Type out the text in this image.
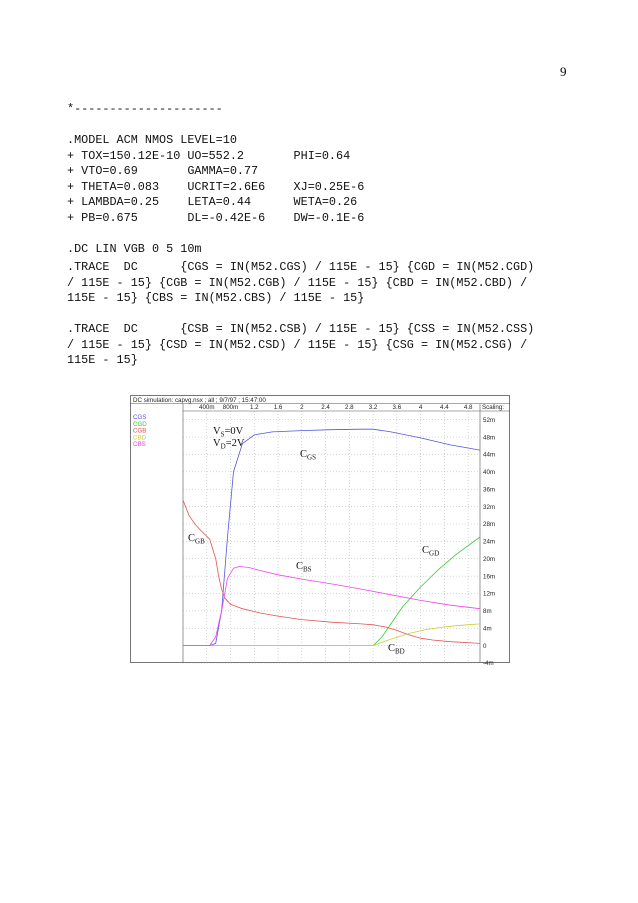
9
*---------------------

.MODEL ACM NMOS LEVEL=10
+ TOX=150.12E-10 UO=552.2       PHI=0.64
+ VTO=0.69       GAMMA=0.77
+ THETA=0.083    UCRIT=2.6E6    XJ=0.25E-6
+ LAMBDA=0.25    LETA=0.44      WETA=0.26
+ PB=0.675       DL=-0.42E-6    DW=-0.1E-6

.DC LIN VGB 0 5 10m
.TRACE  DC      {CGS = IN(M52.CGS) / 115E - 15} {CGD = IN(M52.CGD)
/ 115E - 15} {CGB = IN(M52.CGB) / 115E - 15} {CBD = IN(M52.CBD) /
115E - 15} {CBS = IN(M52.CBS) / 115E - 15}
.TRACE  DC      {CSB = IN(M52.CSB) / 115E - 15} {CSS = IN(M52.CSS)
/ 115E - 15} {CSD = IN(M52.CSD) / 115E - 15} {CSG = IN(M52.CSG) /
115E - 15}
DC simulation: capvg.nsx ; all ; 9/7/97 ; 15:47:00
Scaling:
400m 800m 1.2 1.6	2	2.4 2.8 3.2 3.6	4	4.4 4.8
52m
48m
44m
40m
36m
32m
28m
24m
20m
16m
12m
8m
4m
0
-4m
CGS
CGD
CGB
CBD
CBS
$V_S=0V$
$V_D=2V$
$C_{GS}$
$C_{GB}$
$C_{BS}$
$C_{GD}$
$C_{BD}$
